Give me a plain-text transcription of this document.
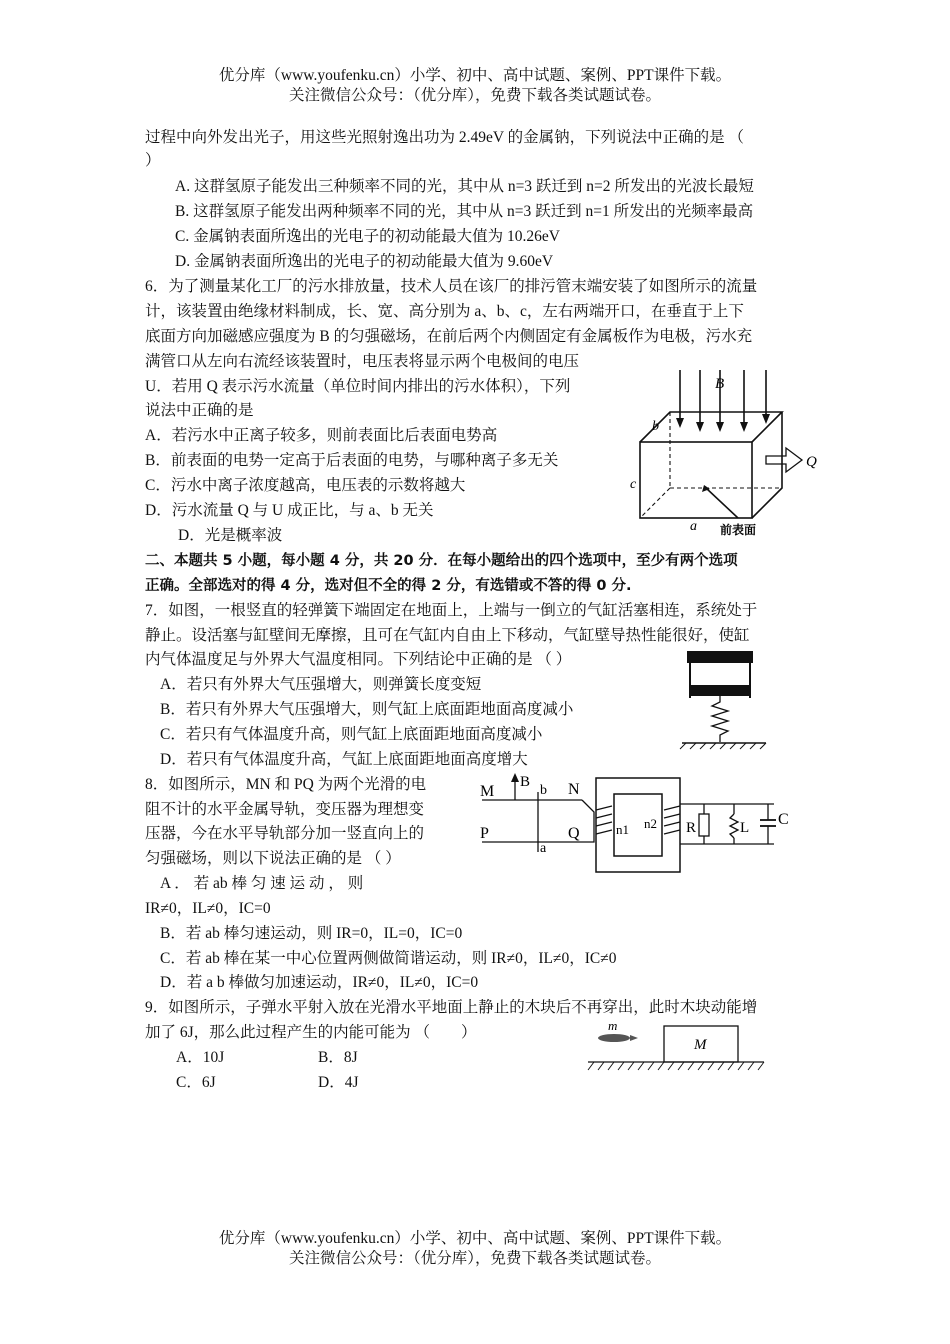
优分库（www.youfenku.cn）小学、初中、高中试题、案例、PPT课件下载。
关注微信公众号：（优分库），免费下载各类试题试卷。
过程中向外发出光子，用这些光照射逸出功为 2.49eV 的金属钠，下列说法中正确的是 （
）
A. 这群氢原子能发出三种频率不同的光，其中从 n=3 跃迁到 n=2 所发出的光波长最短
B. 这群氢原子能发出两种频率不同的光，其中从 n=3 跃迁到 n=1 所发出的光频率最高
C. 金属钠表面所逸出的光电子的初动能最大值为 10.26eV
D. 金属钠表面所逸出的光电子的初动能最大值为 9.60eV
6．为了测量某化工厂的污水排放量，技术人员在该厂的排污管末端安装了如图所示的流量
计，该装置由绝缘材料制成，长、宽、高分别为 a、b、c，左右两端开口，在垂直于上下
底面方向加磁感应强度为 B 的匀强磁场，在前后两个内侧固定有金属板作为电极，污水充
满管口从左向右流经该装置时，电压表将显示两个电极间的电压
U．若用 Q 表示污水流量（单位时间内排出的污水体积），下列
说法中正确的是
A．若污水中正离子较多，则前表面比后表面电势高
B．前表面的电势一定高于后表面的电势，与哪种离子多无关
C．污水中离子浓度越高，电压表的示数将越大
D．污水流量 Q 与 U 成正比，与 a、b 无关
D．光是概率波
B
b
c
a
Q
前表面
二、本题共 5 小题，每小题 4 分，共 20 分．在每小题给出的四个选项中，至少有两个选项
正确。全部选对的得 4 分，选对但不全的得 2 分，有选错或不答的得 0 分.
7．如图，一根竖直的轻弹簧下端固定在地面上，上端与一倒立的气缸活塞相连，系统处于
静止。设活塞与缸壁间无摩擦，且可在气缸内自由上下移动，气缸壁导热性能很好，使缸
内气体温度足与外界大气温度相同。下列结论中正确的是 （ ）
A．若只有外界大气压强增大，则弹簧长度变短
B．若只有外界大气压强增大，则气缸上底面距地面高度减小
C．若只有气体温度升高，则气缸上底面距地面高度减小
D．若只有气体温度升高，气缸上底面距地面高度增大
8．如图所示，MN 和 PQ 为两个光滑的电
阻不计的水平金属导轨，变压器为理想变
压器，今在水平导轨部分加一竖直向上的
匀强磁场，则以下说法正确的是 （ ）
A ． 若 ab 棒 匀 速 运 动 ， 则
IR≠0，IL≠0，IC=0
B．若 ab 棒匀速运动，则 IR=0，IL=0，IC=0
C．若 ab 棒在某一中心位置两侧做简谐运动，则 IR≠0，IL≠0，IC≠0
D．若 a b 棒做匀加速运动，IR≠0，IL≠0，IC=0
M
B
b N
P	Q
a
n1 n2 R	L C
9．如图所示，子弹水平射入放在光滑水平地面上静止的木块后不再穿出，此时木块动能增
加了 6J，那么此过程产生的内能可能为 （　　）
A．10J	B．8J
C．6J	D．4J
m
M
优分库（www.youfenku.cn）小学、初中、高中试题、案例、PPT课件下载。
关注微信公众号：（优分库），免费下载各类试题试卷。
